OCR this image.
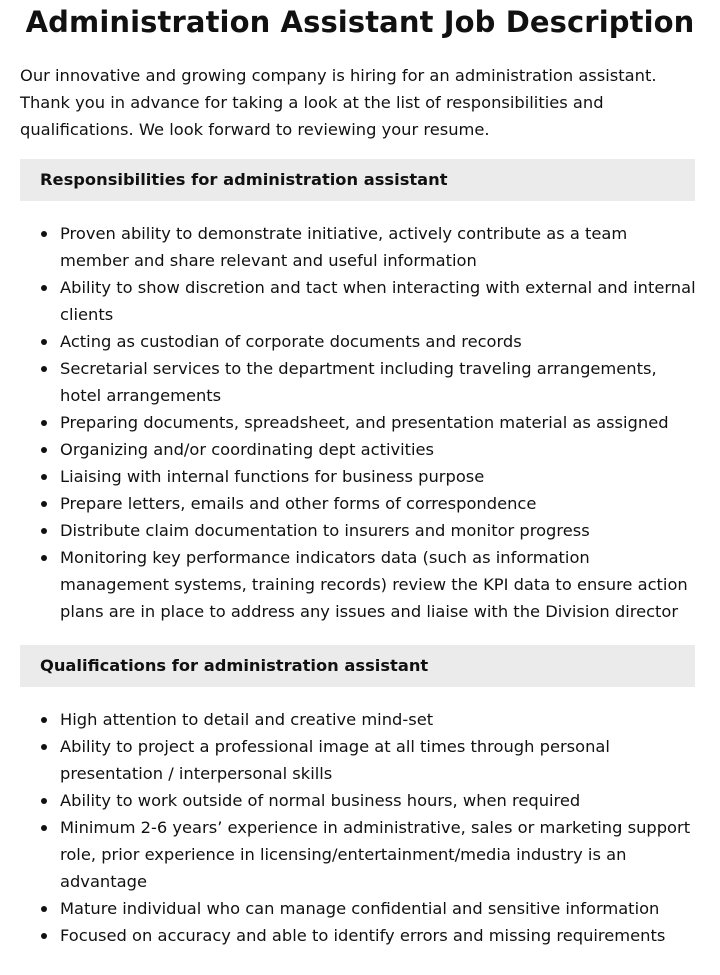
Administration Assistant Job Description

Our innovative and growing company is hiring for an administration assistant. Thank you in advance for taking a look at the list of responsibilities and qualifications. We look forward to reviewing your resume.

Responsibilities for administration assistant
Proven ability to demonstrate initiative, actively contribute as a team member and share relevant and useful information
Ability to show discretion and tact when interacting with external and internal clients
Acting as custodian of corporate documents and records
Secretarial services to the department including traveling arrangements, hotel arrangements
Preparing documents, spreadsheet, and presentation material as assigned
Organizing and/or coordinating dept activities
Liaising with internal functions for business purpose
Prepare letters, emails and other forms of correspondence
Distribute claim documentation to insurers and monitor progress
Monitoring key performance indicators data (such as information management systems, training records) review the KPI data to ensure action plans are in place to address any issues and liaise with the Division director
Qualifications for administration assistant
High attention to detail and creative mind-set
Ability to project a professional image at all times through personal presentation / interpersonal skills
Ability to work outside of normal business hours, when required
Minimum 2-6 years’ experience in administrative, sales or marketing support role, prior experience in licensing/entertainment/media industry is an advantage
Mature individual who can manage confidential and sensitive information
Focused on accuracy and able to identify errors and missing requirements
